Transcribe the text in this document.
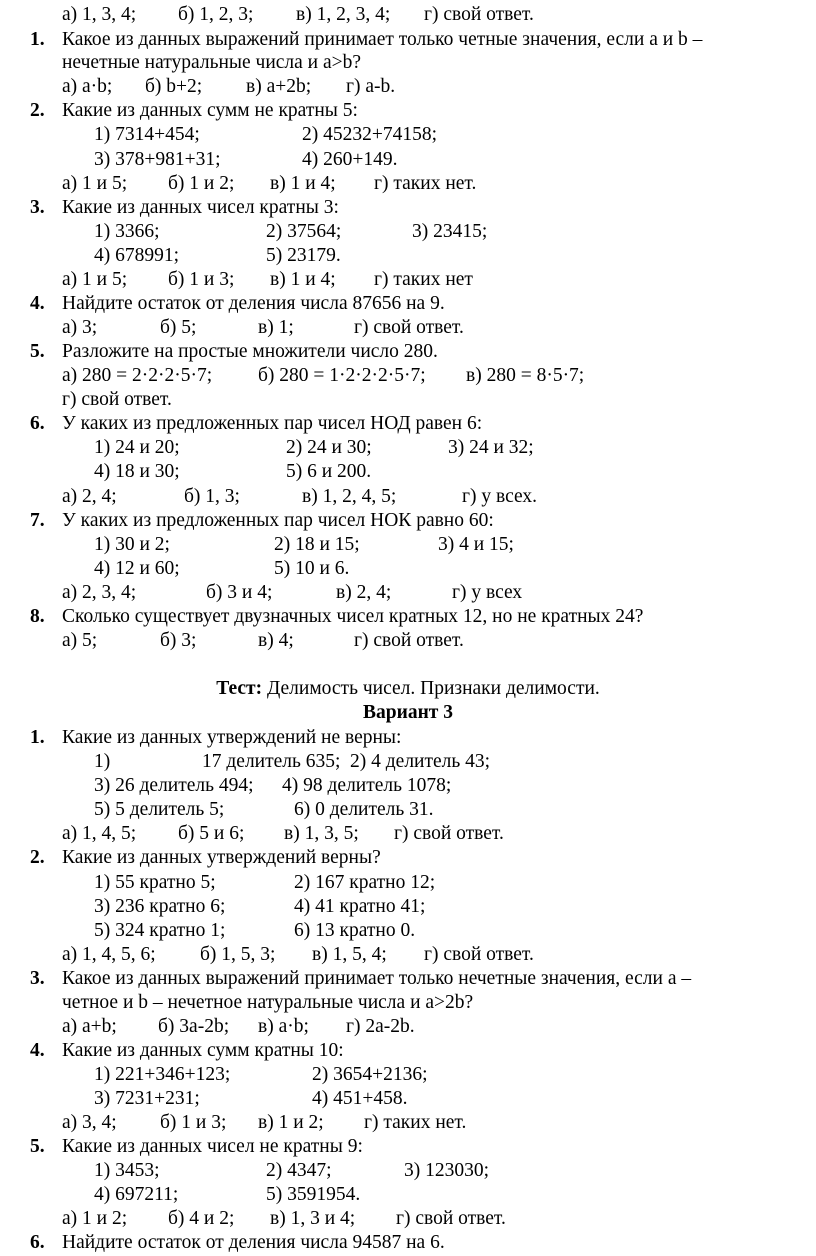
а) 1, 3, 4; б) 1, 2, 3; в) 1, 2, 3, 4; г) свой ответ.
1. Какое из данных выражений принимает только четные значения, если a и b –
нечетные натуральные числа и a>b?
а) a·b; б) b+2; в) a+2b; г) a-b.
2. Какие из данных сумм не кратны 5:
1) 7314+454;	2) 45232+74158;
3) 378+981+31;	4) 260+149.
а) 1 и 5; б) 1 и 2; в) 1 и 4; г) таких нет.
3. Какие из данных чисел кратны 3:
1) 3366;	2) 37564;	3) 23415;
4) 678991;	5) 23179.
а) 1 и 5; б) 1 и 3; в) 1 и 4; г) таких нет
4. Найдите остаток от деления числа 87656 на 9.
а) 3;	б) 5;	в) 1;	г) свой ответ.
5. Разложите на простые множители число 280.
а) 280 = 2·2·2·5·7; б) 280 = 1·2·2·2·5·7; в) 280 = 8·5·7;
г) свой ответ.
6. У каких из предложенных пар чисел НОД равен 6:
1) 24 и 20;	2) 24 и 30;	3) 24 и 32;
4) 18 и 30;	5) 6 и 200.
а) 2, 4;	б) 1, 3;	в) 1, 2, 4, 5;	г) у всех.
7. У каких из предложенных пар чисел НОК равно 60:
1) 30 и 2;	2) 18 и 15;	3) 4 и 15;
4) 12 и 60;	5) 10 и 6.
а) 2, 3, 4;	б) 3 и 4;	в) 2, 4;	г) у всех
8. Сколько существует двузначных чисел кратных 12, но не кратных 24?
а) 5;	б) 3;	в) 4;	г) свой ответ.
Тест: Делимость чисел. Признаки делимости.
Вариант 3
1. Какие из данных утверждений не верны:
1)	17 делитель 635; 2) 4 делитель 43;
3) 26 делитель 494; 4) 98 делитель 1078;
5) 5 делитель 5;	6) 0 делитель 31.
а) 1, 4, 5; б) 5 и 6; в) 1, 3, 5; г) свой ответ.
2. Какие из данных утверждений верны?
1) 55 кратно 5;	2) 167 кратно 12;
3) 236 кратно 6;	4) 41 кратно 41;
5) 324 кратно 1;	6) 13 кратно 0.
а) 1, 4, 5, 6; б) 1, 5, 3; в) 1, 5, 4; г) свой ответ.
3. Какое из данных выражений принимает только нечетные значения, если а –
четное и b – нечетное натуральные числа и a>2b?
а) a+b; б) 3a-2b; в) a·b; г) 2a-2b.
4. Какие из данных сумм кратны 10:
1) 221+346+123;	2) 3654+2136;
3) 7231+231;	4) 451+458.
а) 3, 4; б) 1 и 3; в) 1 и 2; г) таких нет.
5. Какие из данных чисел не кратны 9:
1) 3453;	2) 4347;	3) 123030;
4) 697211;	5) 3591954.
а) 1 и 2; б) 4 и 2; в) 1, 3 и 4; г) свой ответ.
6. Найдите остаток от деления числа 94587 на 6.
